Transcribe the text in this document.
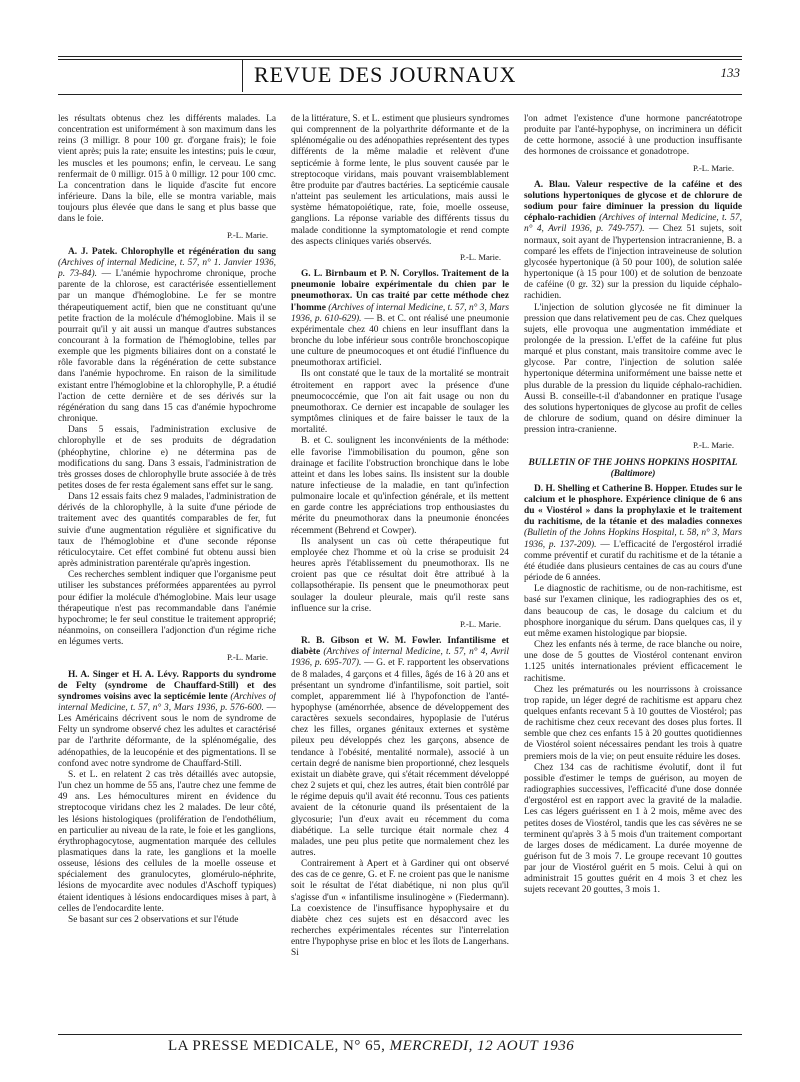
REVUE DES JOURNAUX	133

les résultats obtenus chez les différents malades. La concentration est uniformément à son maximum dans les reins (3 milligr. 8 pour 100 gr. d'organe frais); le foie vient après; puis la rate; ensuite les intestins; puis le cœur, les muscles et les poumons; enfin, le cerveau. Le sang renfermait de 0 milligr. 015 à 0 milligr. 12 pour 100 cmc. La concentration dans le liquide d'ascite fut encore inférieure. Dans la bile, elle se montra variable, mais toujours plus élevée que dans le sang et plus basse que dans le foie.

P.-L. Marie.

A. J. Patek. Chlorophylle et régénération du sang (Archives of internal Medicine, t. 57, n° 1. Janvier 1936, p. 73-84). — L'anémie hypochrome chronique, proche parente de la chlorose, est caractérisée essentiellement par un manque d'hémoglobine. Le fer se montre thérapeutiquement actif, bien que ne constituant qu'une petite fraction de la molécule d'hémoglobine. Mais il se pourrait qu'il y ait aussi un manque d'autres substances concourant à la formation de l'hémoglobine, telles par exemple que les pigments biliaires dont on a constaté le rôle favorable dans la régénération de cette substance dans l'anémie hypochrome. En raison de la similitude existant entre l'hémoglobine et la chlorophylle, P. a étudié l'action de cette dernière et de ses dérivés sur la régénération du sang dans 15 cas d'anémie hypochrome chronique.

Dans 5 essais, l'administration exclusive de chlorophylle et de ses produits de dégradation (phéophytine, chlorine e) ne détermina pas de modifications du sang. Dans 3 essais, l'administration de très grosses doses de chlorophylle brute associée à de très petites doses de fer resta également sans effet sur le sang.

Dans 12 essais faits chez 9 malades, l'administration de dérivés de la chlorophylle, à la suite d'une période de traitement avec des quantités comparables de fer, fut suivie d'une augmentation régulière et significative du taux de l'hémoglobine et d'une seconde réponse réticulocytaire. Cet effet combiné fut obtenu aussi bien après administration parentérale qu'après ingestion.

Ces recherches semblent indiquer que l'organisme peut utiliser les substances préformées apparentées au pyrrol pour édifier la molécule d'hémoglobine. Mais leur usage thérapeutique n'est pas recommandable dans l'anémie hypochrome; le fer seul constitue le traitement approprié; néanmoins, on conseillera l'adjonction d'un régime riche en légumes verts.

P.-L. Marie.

H. A. Singer et H. A. Lévy. Rapports du syndrome de Felty (syndrome de Chauffard-Still) et des syndromes voisins avec la septicémie lente (Archives of internal Medicine, t. 57, n° 3, Mars 1936, p. 576-600. — Les Américains décrivent sous le nom de syndrome de Felty un syndrome observé chez les adultes et caractérisé par de l'arthrite déformante, de la splénomégalie, des adénopathies, de la leucopénie et des pigmentations. Il se confond avec notre syndrome de Chauffard-Still.

S. et L. en relatent 2 cas très détaillés avec autopsie, l'un chez un homme de 55 ans, l'autre chez une femme de 49 ans. Les hémocultures mirent en évidence du streptocoque viridans chez les 2 malades. De leur côté, les lésions histologiques (prolifération de l'endothélium, en particulier au niveau de la rate, le foie et les ganglions, érythrophagocytose, augmentation marquée des cellules plasmatiques dans la rate, les ganglions et la moelle osseuse, lésions des cellules de la moelle osseuse et spécialement des granulocytes, glomérulo-néphrite, lésions de myocardite avec nodules d'Aschoff typiques) étaient identiques à lésions endocardiques mises à part, à celles de l'endocardite lente.

Se basant sur ces 2 observations et sur l'étude

de la littérature, S. et L. estiment que plusieurs syndromes qui comprennent de la polyarthrite déformante et de la splénomégalie ou des adénopathies représentent des types différents de la même maladie et relèvent d'une septicémie à forme lente, le plus souvent causée par le streptocoque viridans, mais pouvant vraisemblablement être produite par d'autres bactéries. La septicémie causale n'atteint pas seulement les articulations, mais aussi le système hématopoiétique, rate, foie, moelle osseuse, ganglions. La réponse variable des différents tissus du malade conditionne la symptomatologie et rend compte des aspects cliniques variés observés.

P.-L. Marie.

G. L. Birnbaum et P. N. Coryllos. Traitement de la pneumonie lobaire expérimentale du chien par le pneumothorax. Un cas traité par cette méthode chez l'homme (Archives of internal Medicine, t. 57, n° 3, Mars 1936, p. 610-629). — B. et C. ont réalisé une pneumonie expérimentale chez 40 chiens en leur insufflant dans la bronche du lobe inférieur sous contrôle bronchoscopique une culture de pneumocoques et ont étudié l'influence du pneumothorax artificiel.

Ils ont constaté que le taux de la mortalité se montrait étroitement en rapport avec la présence d'une pneumococcémie, que l'on ait fait usage ou non du pneumothorax. Ce dernier est incapable de soulager les symptômes cliniques et de faire baisser le taux de la mortalité.

B. et C. soulignent les inconvénients de la méthode: elle favorise l'immobilisation du poumon, gêne son drainage et facilite l'obstruction bronchique dans le lobe atteint et dans les lobes sains. Ils insistent sur la double nature infectieuse de la maladie, en tant qu'infection pulmonaire locale et qu'infection générale, et ils mettent en garde contre les appréciations trop enthousiastes du mérite du pneumothorax dans la pneumonie énoncées récemment (Behrend et Cowper).

Ils analysent un cas où cette thérapeutique fut employée chez l'homme et où la crise se produisit 24 heures après l'établissement du pneumothorax. Ils ne croient pas que ce résultat doit être attribué à la collapsothérapie. Ils pensent que le pneumothorax peut soulager la douleur pleurale, mais qu'il reste sans influence sur la crise.

P.-L. Marie.

R. B. Gibson et W. M. Fowler. Infantilisme et diabète (Archives of internal Medicine, t. 57, n° 4, Avril 1936, p. 695-707). — G. et F. rapportent les observations de 8 malades, 4 garçons et 4 filles, âgés de 16 à 20 ans et présentant un syndrome d'infantilisme, soit partiel, soit complet, apparemment lié à l'hypofonction de l'anté-hypophyse (aménorrhée, absence de développement des caractères sexuels secondaires, hypoplasie de l'utérus chez les filles, organes génitaux externes et système pileux peu développés chez les garçons, absence de tendance à l'obésité, mentalité normale), associé à un certain degré de nanisme bien proportionné, chez lesquels existait un diabète grave, qui s'était récemment développé chez 2 sujets et qui, chez les autres, était bien contrôlé par le régime depuis qu'il avait été reconnu. Tous ces patients avaient de la cétonurie quand ils présentaient de la glycosurie; l'un d'eux avait eu récemment du coma diabétique. La selle turcique était normale chez 4 malades, une peu plus petite que normalement chez les autres.

Contrairement à Apert et à Gardiner qui ont observé des cas de ce genre, G. et F. ne croient pas que le nanisme soit le résultat de l'état diabétique, ni non plus qu'il s'agisse d'un « infantilisme insulinogène » (Fiedermann). La coexistence de l'insuffisance hypophysaire et du diabète chez ces sujets est en désaccord avec les recherches expérimentales récentes sur l'interrelation entre l'hypophyse prise en bloc et les îlots de Langerhans. Si

l'on admet l'existence d'une hormone pancréatotrope produite par l'anté-hypophyse, on incriminera un déficit de cette hormone, associé à une production insuffisante des hormones de croissance et gonadotrope.

P.-L. Marie.

A. Blau. Valeur respective de la caféine et des solutions hypertoniques de glycose et de chlorure de sodium pour faire diminuer la pression du liquide céphalo-rachidien (Archives of internal Medicine, t. 57, n° 4, Avril 1936, p. 749-757). — Chez 51 sujets, soit normaux, soit ayant de l'hypertension intracranienne, B. a comparé les effets de l'injection intraveineuse de solution glycosée hypertonique (à 50 pour 100), de solution salée hypertonique (à 15 pour 100) et de solution de benzoate de caféine (0 gr. 32) sur la pression du liquide céphalo-rachidien.

L'injection de solution glycosée ne fit diminuer la pression que dans relativement peu de cas. Chez quelques sujets, elle provoqua une augmentation immédiate et prolongée de la pression. L'effet de la caféine fut plus marqué et plus constant, mais transitoire comme avec le glycose. Par contre, l'injection de solution salée hypertonique détermina uniformément une baisse nette et plus durable de la pression du liquide céphalo-rachidien. Aussi B. conseille-t-il d'abandonner en pratique l'usage des solutions hypertoniques de glycose au profit de celles de chlorure de sodium, quand on désire diminuer la pression intra-cranienne.

P.-L. Marie.

BULLETIN OF THE JOHNS HOPKINS HOSPITAL

(Baltimore)

D. H. Shelling et Catherine B. Hopper. Etudes sur le calcium et le phosphore. Expérience clinique de 6 ans du « Viostérol » dans la prophylaxie et le traitement du rachitisme, de la tétanie et des maladies connexes (Bulletin of the Johns Hopkins Hospital, t. 58, n° 3, Mars 1936, p. 137-209). — L'efficacité de l'ergostérol irradié comme préventif et curatif du rachitisme et de la tétanie a été étudiée dans plusieurs centaines de cas au cours d'une période de 6 années.

Le diagnostic de rachitisme, ou de non-rachitisme, est basé sur l'examen clinique, les radiographies des os et, dans beaucoup de cas, le dosage du calcium et du phosphore inorganique du sérum. Dans quelques cas, il y eut même examen histologique par biopsie.

Chez les enfants nés à terme, de race blanche ou noire, une dose de 5 gouttes de Viostérol contenant environ 1.125 unités internationales prévient efficacement le rachitisme.

Chez les prématurés ou les nourrissons à croissance trop rapide, un léger degré de rachitisme est apparu chez quelques enfants recevant 5 à 10 gouttes de Viostérol; pas de rachitisme chez ceux recevant des doses plus fortes. Il semble que chez ces enfants 15 à 20 gouttes quotidiennes de Viostérol soient nécessaires pendant les trois à quatre premiers mois de la vie; on peut ensuite réduire les doses.

Chez 134 cas de rachitisme évolutif, dont il fut possible d'estimer le temps de guérison, au moyen de radiographies successives, l'efficacité d'une dose donnée d'ergostérol est en rapport avec la gravité de la maladie. Les cas légers guérissent en 1 à 2 mois, même avec des petites doses de Viostérol, tandis que les cas sévères ne se terminent qu'après 3 à 5 mois d'un traitement comportant de larges doses de médicament. La durée moyenne de guérison fut de 3 mois 7. Le groupe recevant 10 gouttes par jour de Viostérol guérit en 5 mois. Celui à qui on administrait 15 gouttes guérit en 4 mois 3 et chez les sujets recevant 20 gouttes, 3 mois 1.

LA PRESSE MEDICALE, N° 65, MERCREDI, 12 AOUT 1936
